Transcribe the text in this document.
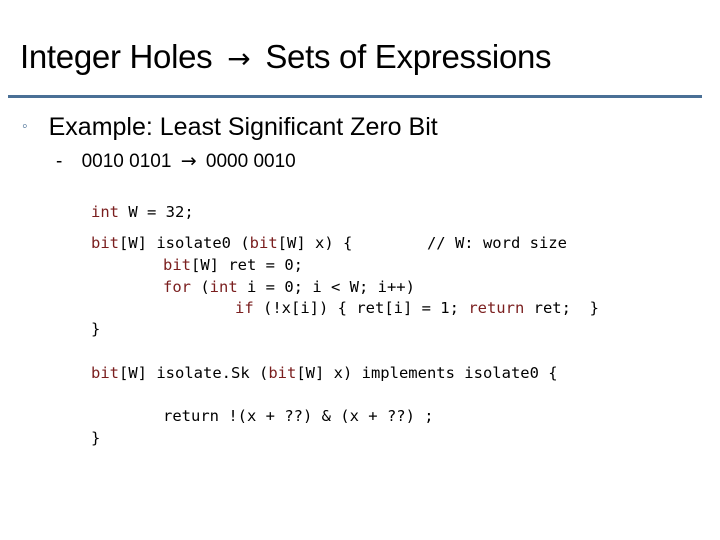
Integer Holes → Sets of Expressions
◦ Example: Least Significant Zero Bit
- 0010 0101 → 0000 0010
int W = 32;
bit[W] isolate0 (bit[W] x) {        // W: word size
bit[W] ret = 0;
for (int i = 0; i < W; i++)
if (!x[i]) { ret[i] = 1; return ret;  }
}
bit[W] isolate.Sk (bit[W] x) implements isolate0 {
return !(x + ??) & (x + ??) ;
}
